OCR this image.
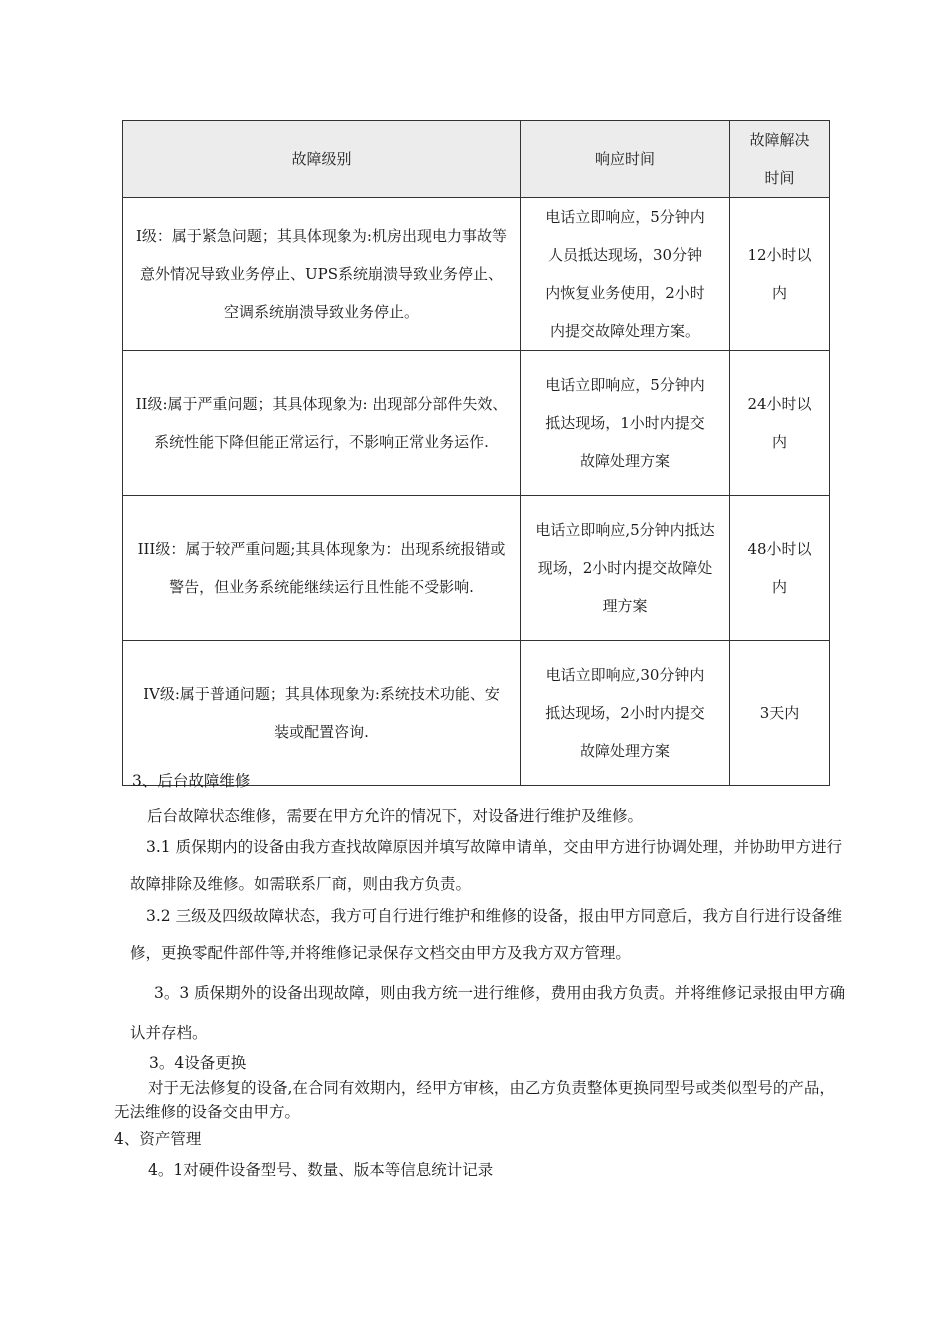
故障级别	响应时间	故障解决时间
I级：属于紧急问题；其具体现象为:机房出现电力事故等意外情况导致业务停止、UPS系统崩溃导致业务停止、空调系统崩溃导致业务停止。	电话立即响应，5分钟内人员抵达现场，30分钟内恢复业务使用，2小时内提交故障处理方案。	12小时以内
II级:属于严重问题；其具体现象为: 出现部分部件失效、系统性能下降但能正常运行，不影响正常业务运作.	电话立即响应，5分钟内抵达现场，1小时内提交故障处理方案	24小时以内
III级：属于较严重问题;其具体现象为：出现系统报错或警告，但业务系统能继续运行且性能不受影响.	电话立即响应,5分钟内抵达现场，2小时内提交故障处理方案	48小时以内
IV级:属于普通问题；其具体现象为:系统技术功能、安装或配置咨询.	电话立即响应,30分钟内抵达现场，2小时内提交故障处理方案	3天内
3、后台故障维修
后台故障状态维修，需要在甲方允许的情况下，对设备进行维护及维修。
3.1 质保期内的设备由我方查找故障原因并填写故障申请单，交由甲方进行协调处理，并协助甲方进行故障排除及维修。如需联系厂商，则由我方负责。
3.2 三级及四级故障状态，我方可自行进行维护和维修的设备，报由甲方同意后，我方自行进行设备维修，更换零配件部件等,并将维修记录保存文档交由甲方及我方双方管理。
3。3 质保期外的设备出现故障，则由我方统一进行维修，费用由我方负责。并将维修记录报由甲方确认并存档。
3。4设备更换
对于无法修复的设备,在合同有效期内，经甲方审核，由乙方负责整体更换同型号或类似型号的产品，无法维修的设备交由甲方。
4、资产管理
4。1对硬件设备型号、数量、版本等信息统计记录
